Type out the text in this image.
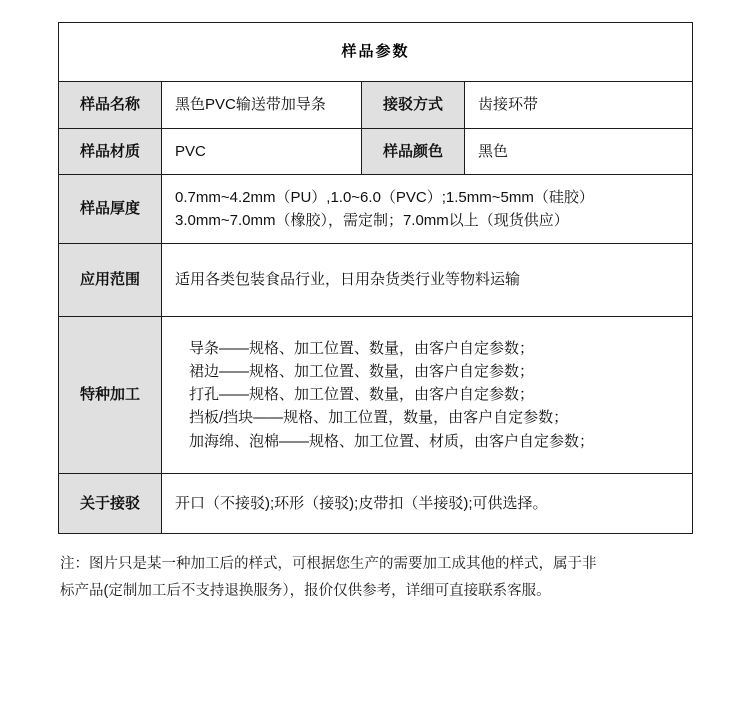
样品参数			
样品名称	黑色PVC输送带加导条	接驳方式	齿接环带
样品材质	PVC	样品颜色	黑色
样品厚度	0.7mm~4.2mm（PU）,1.0~6.0（PVC）;1.5mm~5mm（硅胶）
3.0mm~7.0mm（橡胶），需定制；7.0mm以上（现货供应）		

应用范围	适用各类包装食品行业，日用杂货类行业等物料运输		
特种加工	导条——规格、加工位置、数量，由客户自定参数；
裙边——规格、加工位置、数量，由客户自定参数；
打孔——规格、加工位置、数量，由客户自定参数；
挡板/挡块——规格、加工位置，数量，由客户自定参数；
加海绵、泡棉——规格、加工位置、材质，由客户自定参数；		

关于接驳	开口（不接驳);环形（接驳);皮带扣（半接驳);可供选择。		
注：图片只是某一种加工后的样式，可根据您生产的需要加工成其他的样式，属于非
标产品(定制加工后不支持退换服务），报价仅供参考，详细可直接联系客服。
